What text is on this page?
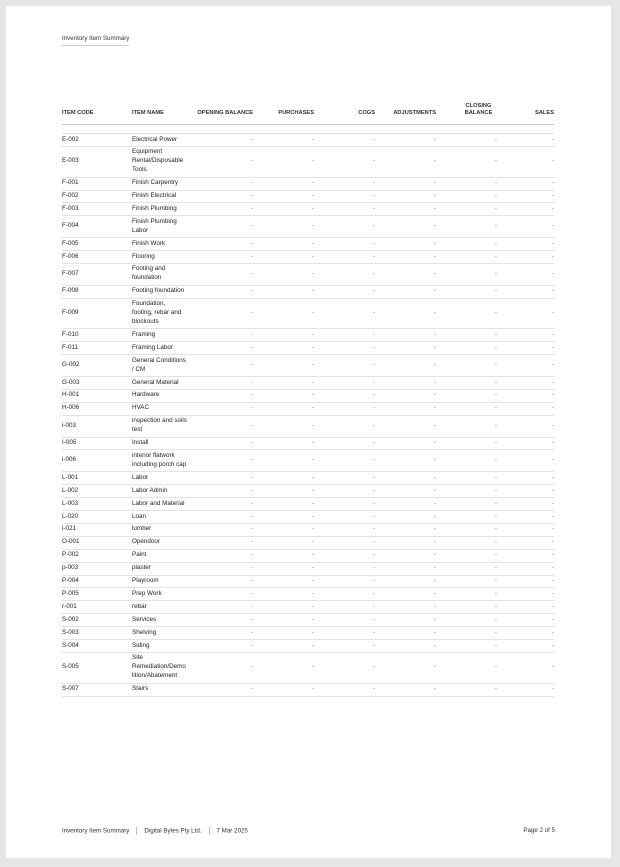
Inventory Item Summary
ITEM CODE	ITEM NAME	OPENING BALANCE	PURCHASES	COGS	ADJUSTMENTS	CLOSING BALANCE	SALES

E-002	Electrical Power	-	-	-	-	-	-
E-003	Equipment Rental/Disposable Tools	-	-	-	-	-	-
F-001	Finish Carpentry	-	-	-	-	-	-
F-002	Finish Electrical	-	-	-	-	-	-
F-003	Finish Plumbing	-	-	-	-	-	-
F-004	Finish Plumbing Labor	-	-	-	-	-	-
F-005	Finish Work	-	-	-	-	-	-
F-006	Flooring	-	-	-	-	-	-
F-007	Footing and foundation	-	-	-	-	-	-
F-008	Footing foundation	-	-	-	-	-	-
F-009	Foundation, footing, rebar and blockouts	-	-	-	-	-	-
F-010	Framing	-	-	-	-	-	-
F-011	Framing Labor	-	-	-	-	-	-
G-002	General Conditions / CM	-	-	-	-	-	-
G-003	General Material	-	-	-	-	-	-
H-001	Hardware	-	-	-	-	-	-
H-006	HVAC	-	-	-	-	-	-
i-003	inspection and soils test	-	-	-	-	-	-
I-005	Install	-	-	-	-	-	-
i-006	interior flatwork including porch cap	-	-	-	-	-	-
L-001	Labor	-	-	-	-	-	-
L-002	Labor Admin	-	-	-	-	-	-
L-003	Labor and Material	-	-	-	-	-	-
L-020	Loan	-	-	-	-	-	-
l-021	lumber	-	-	-	-	-	-
O-001	Opendoor	-	-	-	-	-	-
P-002	Paint	-	-	-	-	-	-
p-003	plaster	-	-	-	-	-	-
P-004	Playroom	-	-	-	-	-	-
P-005	Prep Work	-	-	-	-	-	-
r-001	rebar	-	-	-	-	-	-
S-002	Services	-	-	-	-	-	-
S-003	Shelving	-	-	-	-	-	-
S-004	Siding	-	-	-	-	-	-
S-005	Site Remediation/Demolition/Abatement	-	-	-	-	-	-
S-007	Stairs	-	-	-	-	-	-
Inventory Item Summary Digital Bytes Pty Ltd. 7 Mar 2025	Page 2 of 5
